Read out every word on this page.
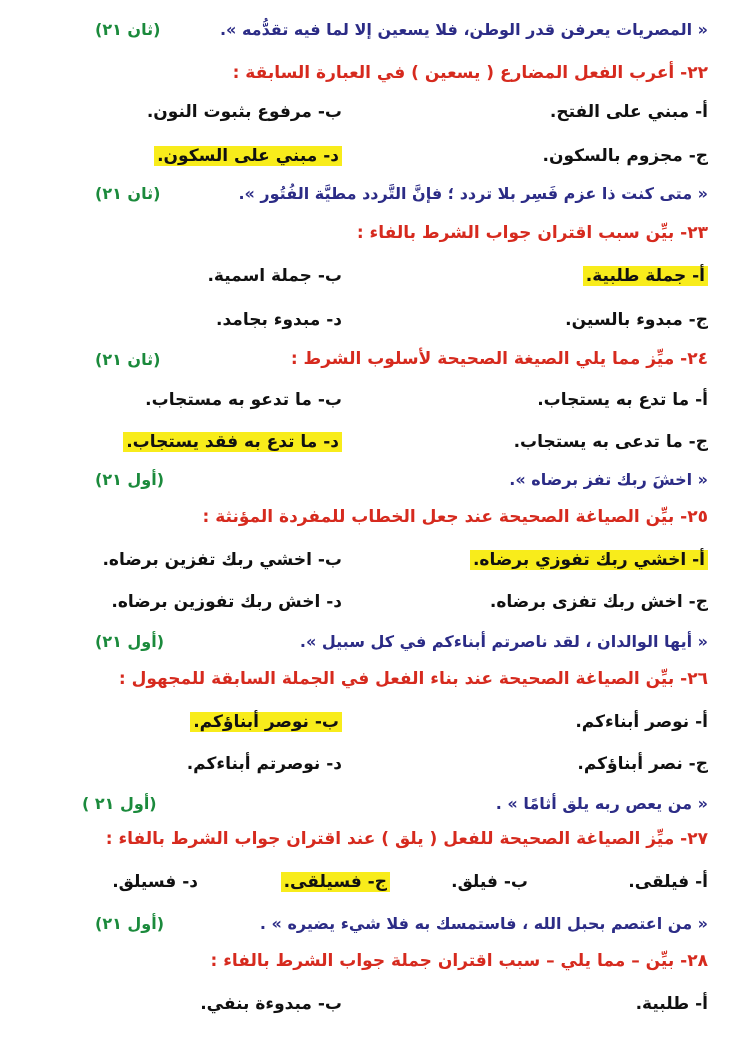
« المصريات يعرفن قدر الوطن، فلا يسعين إلا لما فيه تقدُّمه ».
(ثان ٢١)
٢٢- أعرب الفعل المضارع ( يسعين ) في العبارة السابقة :
أ- مبني على الفتح.
ب- مرفوع بثبوت النون.
ج- مجزوم بالسكون.
د- مبني على السكون.
« متى كنت ذا عزم فَسِر بلا تردد ؛ فإنَّ التَّردد مطيَّة الفُتُور ».
(ثان ٢١)
٢٣- بيِّن سبب اقتران جواب الشرط بالفاء :
أ- جملة طلبية.
ب- جملة اسمية.
ج- مبدوء بالسين.
د- مبدوء بجامد.
٢٤- ميِّز مما يلي الصيغة الصحيحة لأسلوب الشرط :
(ثان ٢١)
أ- ما تدع به يستجاب.
ب- ما تدعو به مستجاب.
ج- ما تدعى به يستجاب.
د- ما تدع به فقد يستجاب.
« اخشَ ربك تفز برضاه ».
(أول ٢١)
٢٥- بيِّن الصياغة الصحيحة عند جعل الخطاب للمفردة المؤنثة :
أ- اخشي ربك تفوزي برضاه.
ب- اخشي ربك تفزين برضاه.
ج- اخش ربك تفزى برضاه.
د- اخش ربك تفوزين برضاه.
« أيها الوالدان ، لقد ناصرتم أبناءكم في كل سبيل ».
(أول ٢١)
٢٦- بيِّن الصياغة الصحيحة عند بناء الفعل في الجملة السابقة للمجهول :
أ- نوصر أبناءكم.
ب- نوصر أبناؤكم.
ج- نصر أبناؤكم.
د- نوصرتم أبناءكم.
« من يعص ربه يلق أثامًا » .
(أول ٢١ )
٢٧- ميِّز الصياغة الصحيحة للفعل ( يلق ) عند اقتران جواب الشرط بالفاء :
أ- فيلقى.
ب- فيلق.
ج- فسيلقى.
د- فسيلق.
« من اعتصم بحبل الله ، فاستمسك به فلا شيء يضيره » .
(أول ٢١)
٢٨- بيِّن – مما يلي – سبب اقتران جملة جواب الشرط بالفاء :
أ- طلبية.
ب- مبدوءة بنفي.
